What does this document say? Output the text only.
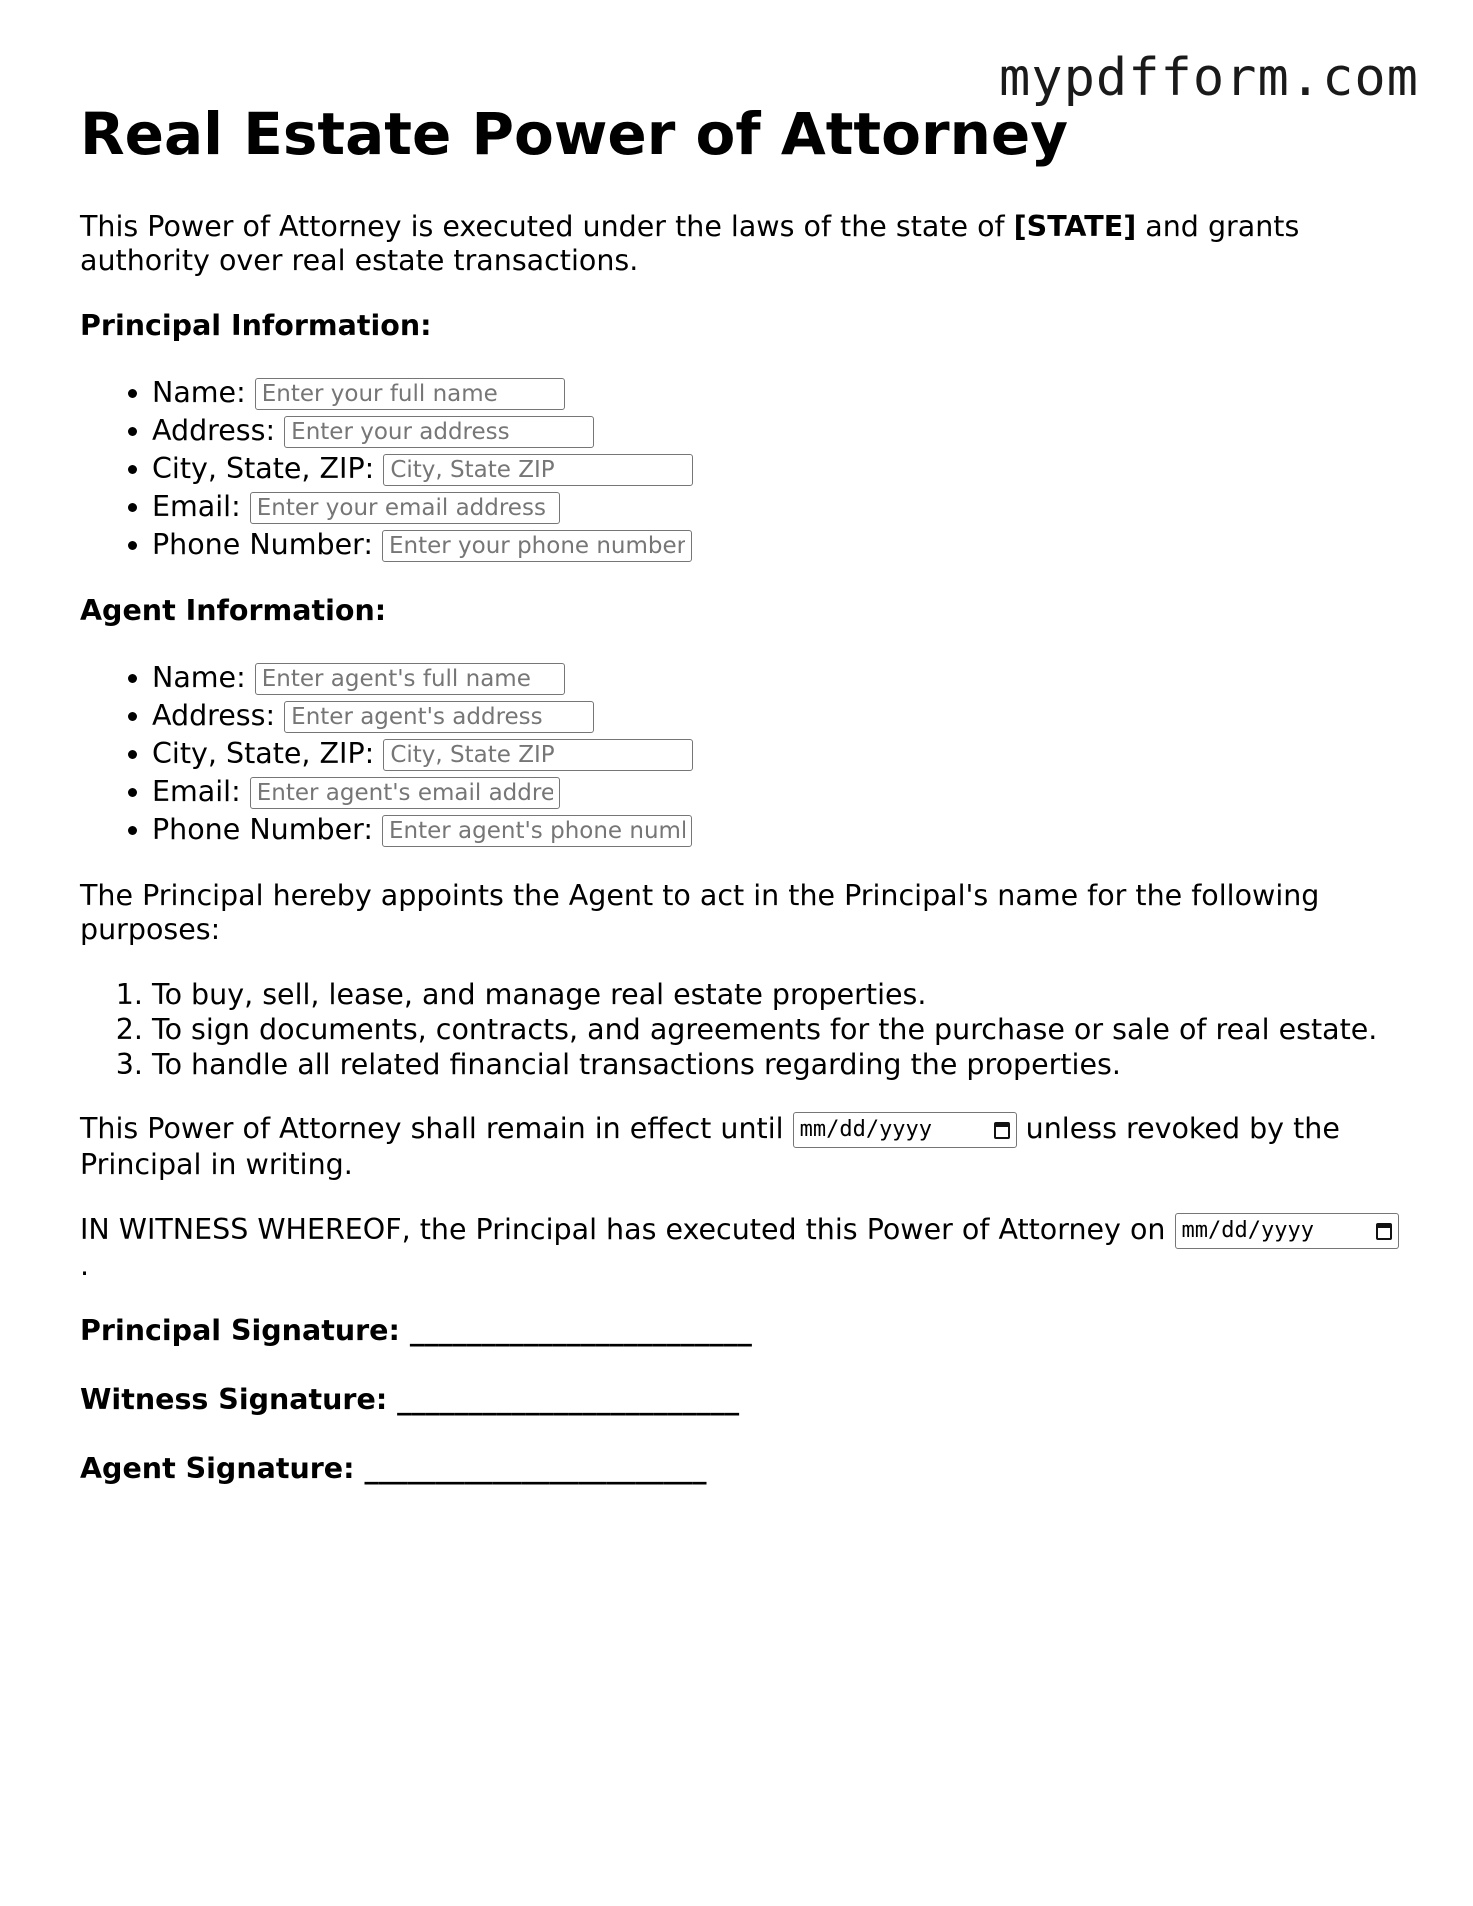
mypdfform.com
Real Estate Power of Attorney

This Power of Attorney is executed under the laws of the state of [STATE] and grants authority over real estate transactions.

Principal Information:
• Name: Enter your full name
• Address: Enter your address
• City, State, ZIP: City, State ZIP
• Email: Enter your email address
• Phone Number: Enter your phone number
Agent Information:
• Name: Enter agent's full name
• Address: Enter agent's address
• City, State, ZIP: City, State ZIP
• Email: Enter agent's email address
• Phone Number: Enter agent's phone number

The Principal hereby appoints the Agent to act in the Principal's name for the following purposes:

1. To buy, sell, lease, and manage real estate properties.
2. To sign documents, contracts, and agreements for the purchase or sale of real estate.
3. To handle all related financial transactions regarding the properties.

This Power of Attorney shall remain in effect until mm/dd/yyyy	unless revoked by the Principal in writing.

IN WITNESS WHEREOF, the Principal has executed this Power of Attorney on mm/dd/yyyy
.

Principal Signature: ________________________

Witness Signature: ________________________

Agent Signature: ________________________
